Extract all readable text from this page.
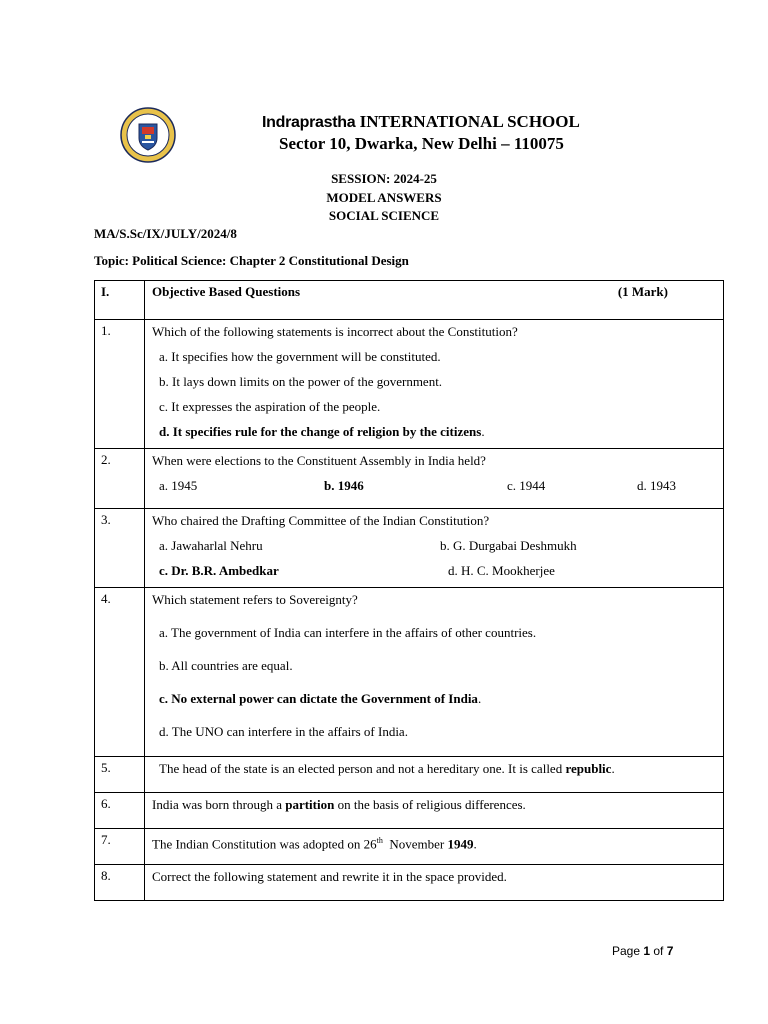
Indraprastha INTERNATIONAL SCHOOL
Sector 10, Dwarka, New Delhi – 110075
SESSION: 2024-25
MODEL ANSWERS
SOCIAL SCIENCE
MA/S.Sc/IX/JULY/2024/8
Topic: Political Science: Chapter 2 Constitutional Design
I.	Objective Based Questions (1 Mark)

1.	Which of the following statements is incorrect about the Constitution?
a. It specifies how the government will be constituted.
b. It lays down limits on the power of the government.
c. It expresses the aspiration of the people.
d. It specifies rule for the change of religion by the citizens.

2.	When were elections to the Constituent Assembly in India held?
a. 1945 b. 1946 c. 1944 d. 1943

3.	Who chaired the Drafting Committee of the Indian Constitution?
a. Jawaharlal Nehru b. G. Durgabai Deshmukh
c. Dr. B.R. Ambedkar d. H. C. Mookherjee

4.	Which statement refers to Sovereignty?
a. The government of India can interfere in the affairs of other countries.
b. All countries are equal.
c. No external power can dictate the Government of India.
d. The UNO can interfere in the affairs of India.

5.	The head of the state is an elected person and not a hereditary one. It is called republic.

6.	India was born through a partition on the basis of religious differences.

7.	The Indian Constitution was adopted on 26th  November 1949.

8.	Correct the following statement and rewrite it in the space provided.
Page 1 of 7
